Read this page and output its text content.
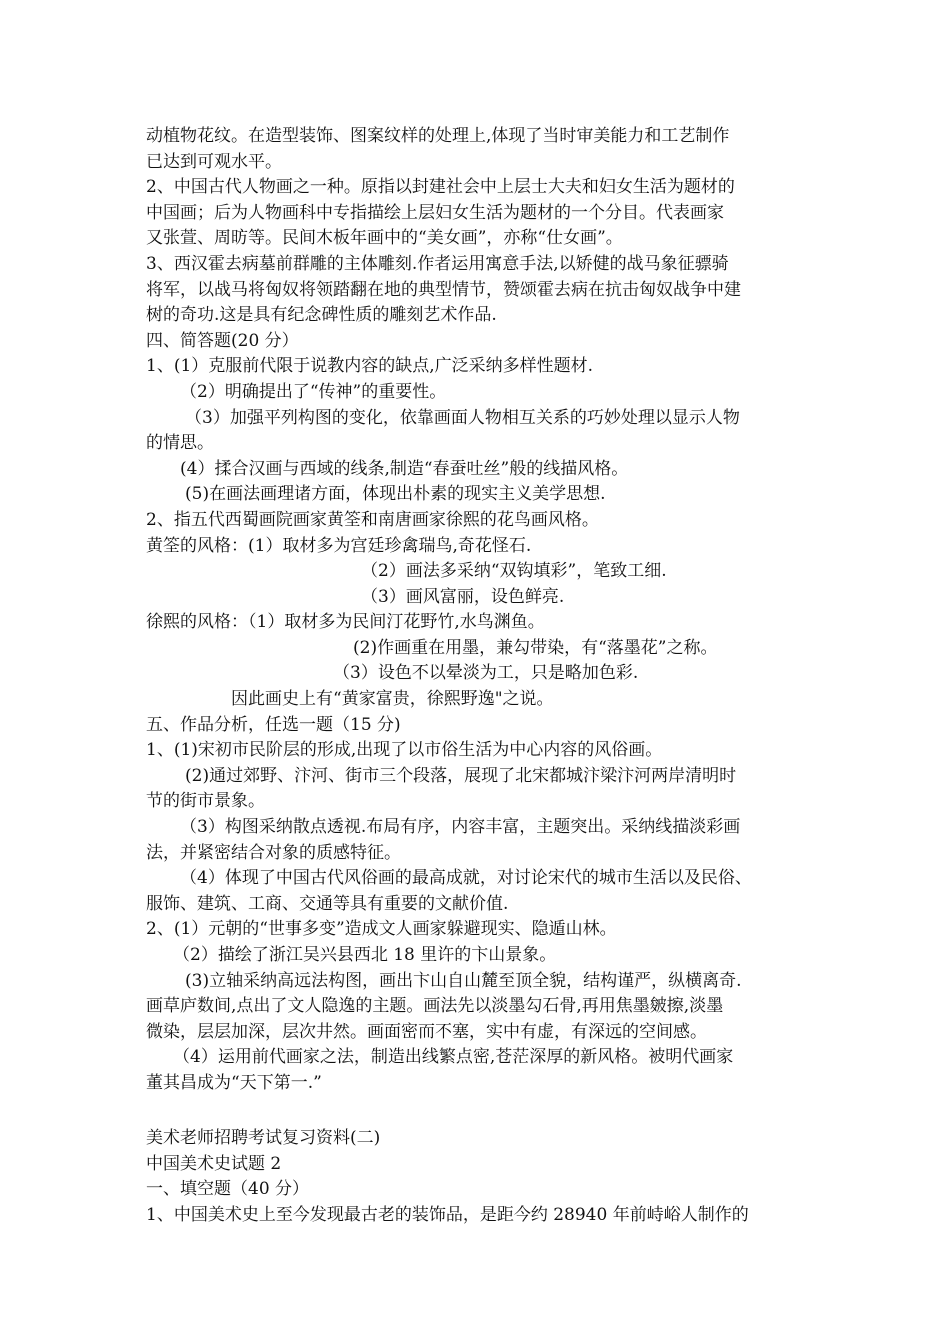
动植物花纹。在造型装饰、图案纹样的处理上,体现了当时审美能力和工艺制作
已达到可观水平。
2、中国古代人物画之一种。原指以封建社会中上层士大夫和妇女生活为题材的
中国画；后为人物画科中专指描绘上层妇女生活为题材的一个分目。代表画家
又张萱、周昉等。民间木板年画中的“美女画”，亦称“仕女画”。
3、西汉霍去病墓前群雕的主体雕刻.作者运用寓意手法,以矫健的战马象征骠骑
将军，以战马将匈奴将领踏翻在地的典型情节，赞颂霍去病在抗击匈奴战争中建
树的奇功.这是具有纪念碑性质的雕刻艺术作品.
四、简答题(20 分）
1、(1）克服前代限于说教内容的缺点,广泛采纳多样性题材.
（2）明确提出了“传神”的重要性。
（3）加强平列构图的变化，依靠画面人物相互关系的巧妙处理以显示人物
的情思。
(4）揉合汉画与西域的线条,制造“春蚕吐丝”般的线描风格。
(5)在画法画理诸方面，体现出朴素的现实主义美学思想.
2、指五代西蜀画院画家黄筌和南唐画家徐熙的花鸟画风格。
黄筌的风格：(1）取材多为宫廷珍禽瑞鸟,奇花怪石.
（2）画法多采纳“双钩填彩”，笔致工细.
（3）画风富丽，设色鲜亮.
徐熙的风格：（1）取材多为民间汀花野竹,水鸟渊鱼。
(2)作画重在用墨，兼勾带染，有“落墨花”之称。
（3）设色不以晕淡为工，只是略加色彩.
因此画史上有“黄家富贵，徐熙野逸"之说。
五、作品分析，任选一题（15 分)
1、(1)宋初市民阶层的形成,出现了以市俗生活为中心内容的风俗画。
(2)通过郊野、汴河、街市三个段落，展现了北宋都城汴梁汴河两岸清明时
节的街市景象。
（3）构图采纳散点透视.布局有序，内容丰富，主题突出。采纳线描淡彩画
法，并紧密结合对象的质感特征。
（4）体现了中国古代风俗画的最高成就，对讨论宋代的城市生活以及民俗、
服饰、建筑、工商、交通等具有重要的文献价值.
2、(1）元朝的“世事多变”造成文人画家躲避现实、隐遁山林。
（2）描绘了浙江吴兴县西北 18 里许的卞山景象。
(3)立轴采纳高远法构图，画出卞山自山麓至顶全貌，结构谨严，纵横离奇.
画草庐数间,点出了文人隐逸的主题。画法先以淡墨勾石骨,再用焦墨皴擦,淡墨
微染，层层加深，层次井然。画面密而不塞，实中有虚，有深远的空间感。
（4）运用前代画家之法，制造出线繁点密,苍茫深厚的新风格。被明代画家
董其昌成为“天下第一.”
美术老师招聘考试复习资料(二)
中国美术史试题 2
一、填空题（40 分）
1、中国美术史上至今发现最古老的装饰品，是距今约 28940 年前峙峪人制作的
